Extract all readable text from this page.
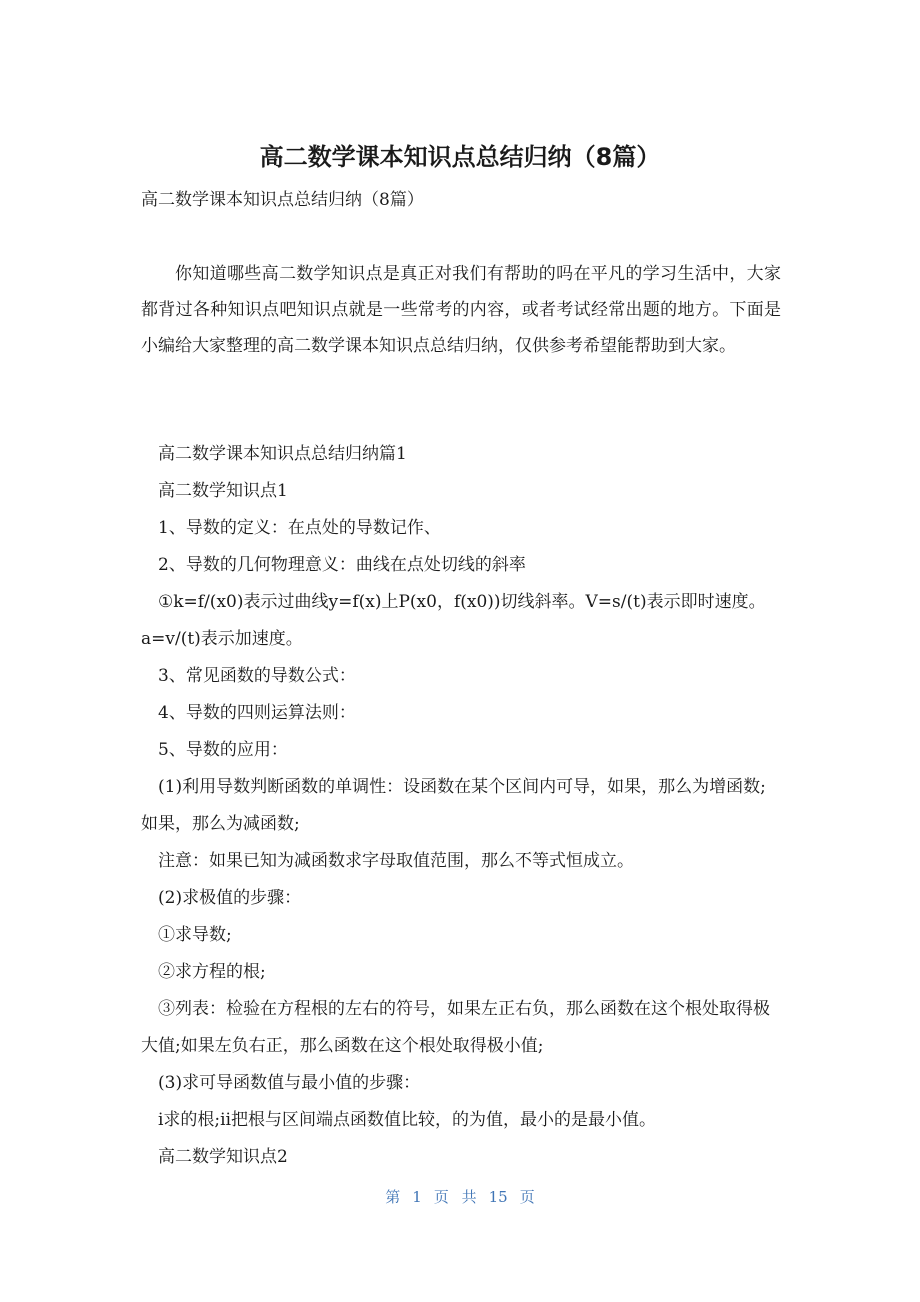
高二数学课本知识点总结归纳（8篇）
高二数学课本知识点总结归纳（8篇）

你知道哪些高二数学知识点是真正对我们有帮助的吗在平凡的学习生活中，大家都背过各种知识点吧知识点就是一些常考的内容，或者考试经常出题的地方。下面是小编给大家整理的高二数学课本知识点总结归纳，仅供参考希望能帮助到大家。

高二数学课本知识点总结归纳篇1

高二数学知识点1

1、导数的定义：在点处的导数记作、

2、导数的几何物理意义：曲线在点处切线的斜率

①k=f/(x0)表示过曲线y=f(x)上P(x0，f(x0))切线斜率。V=s/(t)表示即时速度。a=v/(t)表示加速度。

3、常见函数的导数公式：

4、导数的四则运算法则：

5、导数的应用：

(1)利用导数判断函数的单调性：设函数在某个区间内可导，如果，那么为增函数;如果，那么为减函数;

注意：如果已知为减函数求字母取值范围，那么不等式恒成立。

(2)求极值的步骤：

①求导数;

②求方程的根;

③列表：检验在方程根的左右的符号，如果左正右负，那么函数在这个根处取得极大值;如果左负右正，那么函数在这个根处取得极小值;

(3)求可导函数值与最小值的步骤：

ⅰ求的根;ⅱ把根与区间端点函数值比较，的为值，最小的是最小值。

高二数学知识点2

第 1 页 共 15 页
